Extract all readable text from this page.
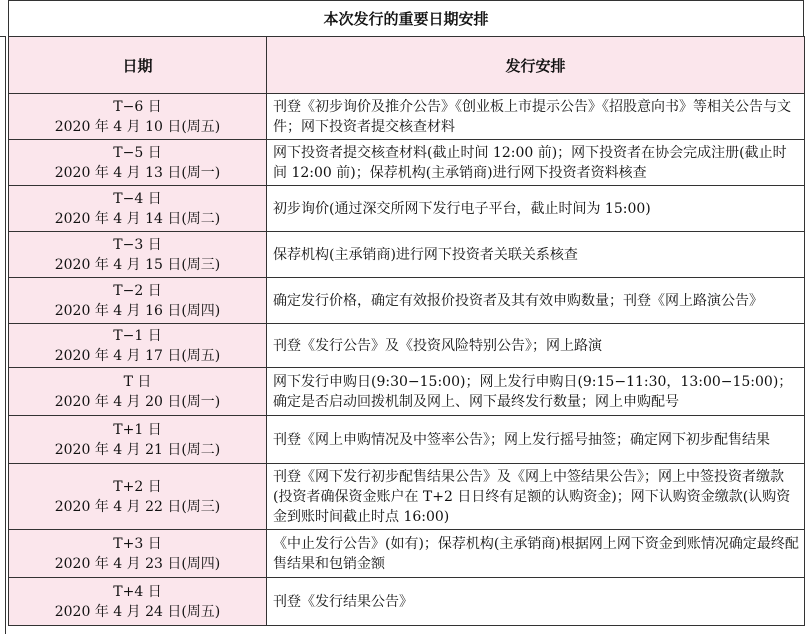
本次发行的重要日期安排
日期	发行安排

T−6 日
2020 年 4 月 10 日(周五)	刊登《初步询价及推介公告》《创业板上市提示公告》《招股意向书》等相关公告与文件；网下投资者提交核查材料

T−5 日
2020 年 4 月 13 日(周一)	网下投资者提交核查材料(截止时间 12:00 前)；网下投资者在协会完成注册(截止时间 12:00 前)；保荐机构(主承销商)进行网下投资者资料核查

T−4 日
2020 年 4 月 14 日(周二)	初步询价(通过深交所网下发行电子平台，截止时间为 15:00)

T−3 日
2020 年 4 月 15 日(周三)	保荐机构(主承销商)进行网下投资者关联关系核查

T−2 日
2020 年 4 月 16 日(周四)	确定发行价格，确定有效报价投资者及其有效申购数量；刊登《网上路演公告》

T−1 日
2020 年 4 月 17 日(周五)	刊登《发行公告》及《投资风险特别公告》；网上路演

T 日
2020 年 4 月 20 日(周一)	网下发行申购日(9:30−15:00)；网上发行申购日(9:15−11:30，13:00−15:00)；确定是否启动回拨机制及网上、网下最终发行数量；网上申购配号

T+1 日
2020 年 4 月 21 日(周二)	刊登《网上申购情况及中签率公告》；网上发行摇号抽签；确定网下初步配售结果

T+2 日
2020 年 4 月 22 日(周三)	刊登《网下发行初步配售结果公告》及《网上中签结果公告》；网上中签投资者缴款(投资者确保资金账户在 T+2 日日终有足额的认购资金)；网下认购资金缴款(认购资金到账时间截止时点 16:00)

T+3 日
2020 年 4 月 23 日(周四)	《中止发行公告》(如有)；保荐机构(主承销商)根据网上网下资金到账情况确定最终配售结果和包销金额

T+4 日
2020 年 4 月 24 日(周五)	刊登《发行结果公告》
